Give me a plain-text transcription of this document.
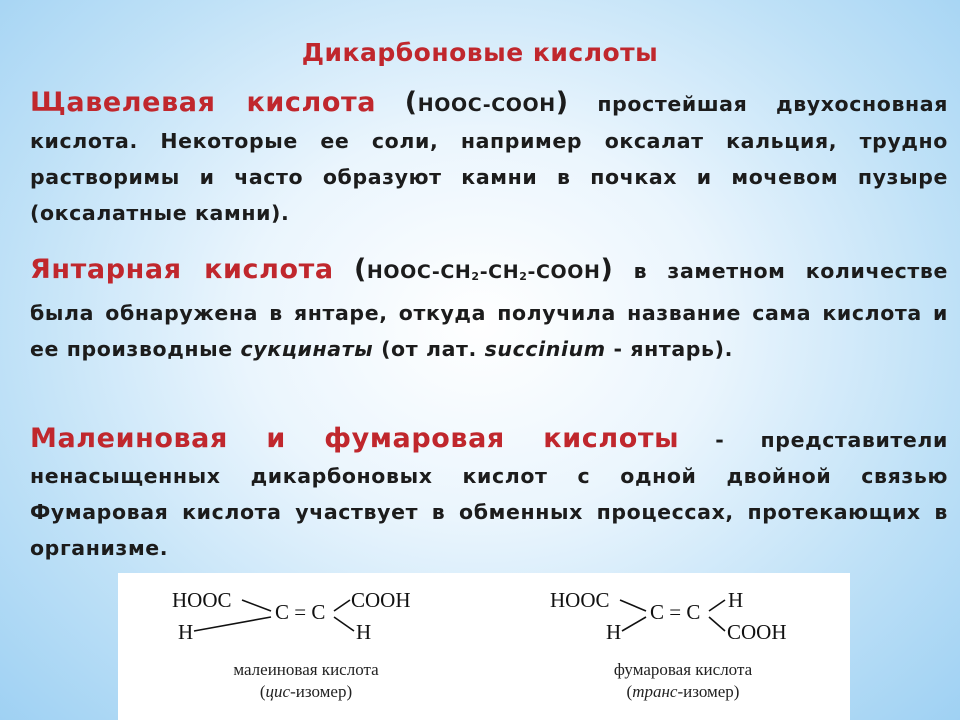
Дикарбоновые кислоты
Щавелевая кислота (HOOC-COOH) простейшая двухосновная кислота. Некоторые ее соли, например оксалат кальция, трудно растворимы и часто образуют камни в почках и мочевом пузыре (оксалатные камни).
Янтарная кислота $(HOOC-CH_2-CH_2-COOH)$ в заметном количестве была обнаружена в янтаре, откуда получила название сама кислота и ее производные сукцинаты (от лат. succinium - янтарь).
Малеиновая и фумаровая кислоты - представители ненасыщенных дикарбоновых кислот с одной двойной связью Фумаровая кислота участвует в обменных процессах, протекающих в организме.
HOOC C = C COOH
H	H
HOOC C = C H
H	COOH
малеиновая кислота
(цис-изомер)
фумаровая кислота
(транс-изомер)
